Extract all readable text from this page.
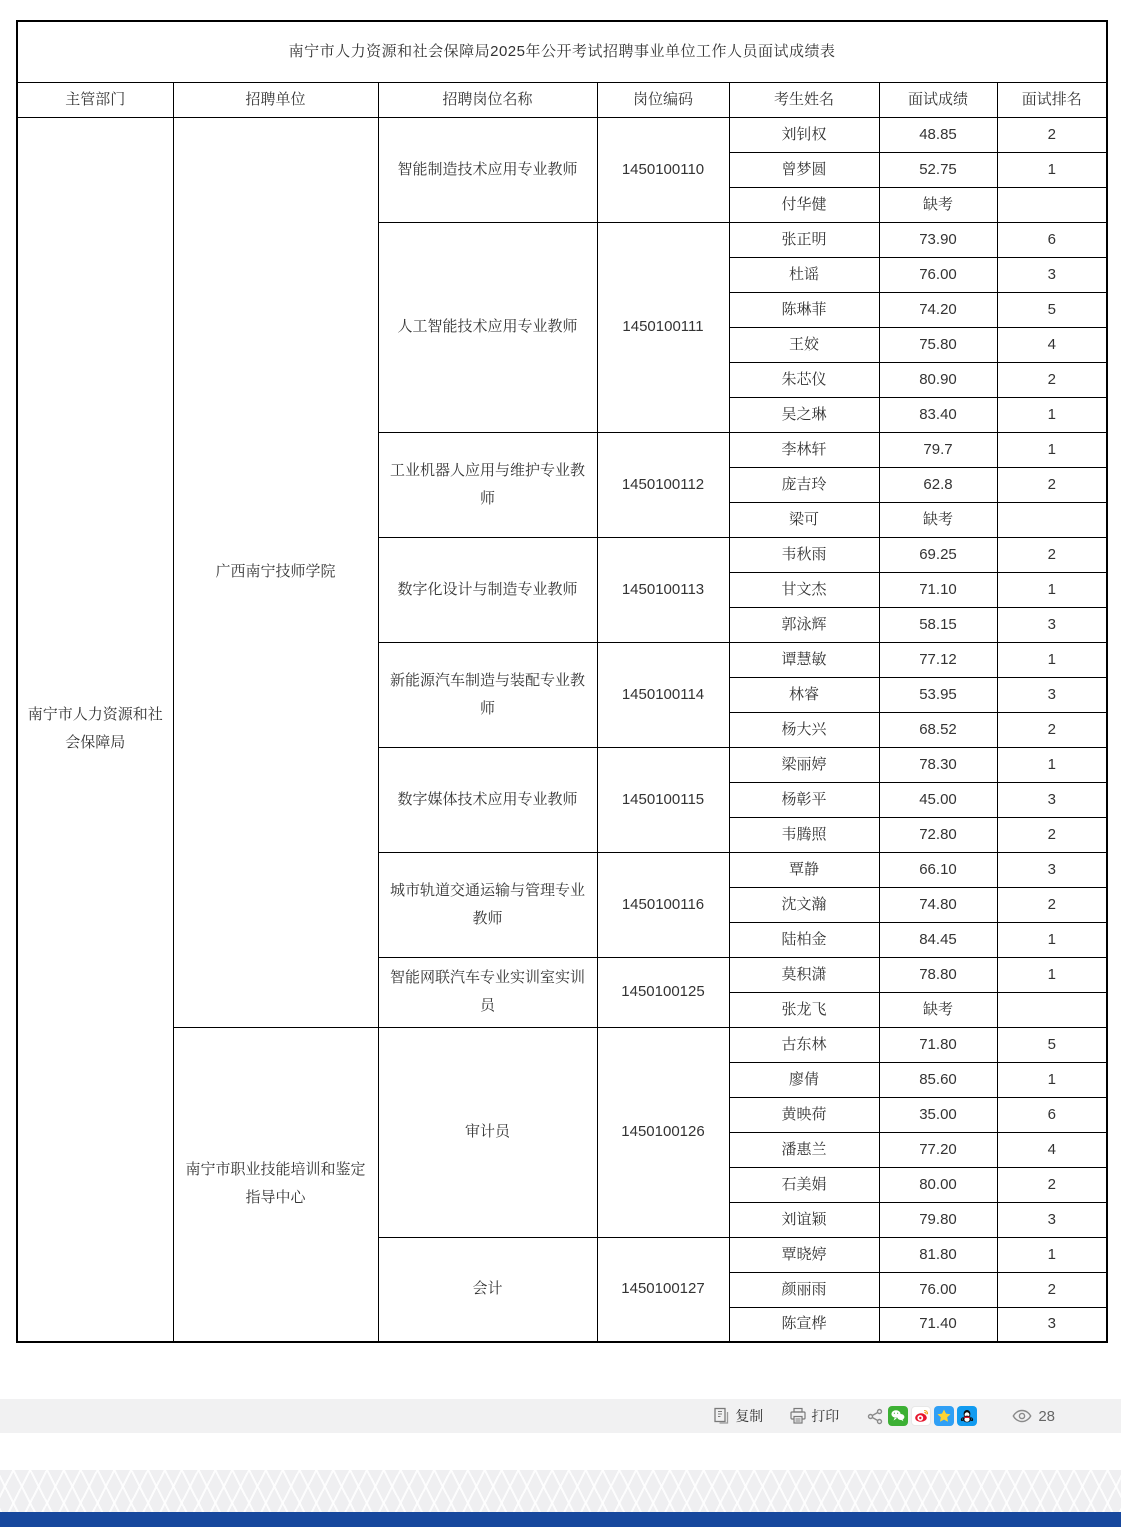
南宁市人力资源和社会保障局2025年公开考试招聘事业单位工作人员面试成绩表						
主管部门	招聘单位	招聘岗位名称	岗位编码	考生姓名	面试成绩	面试排名
南宁市人力资源和社会保障局	广西南宁技师学院	智能制造技术应用专业教师	1450100110	刘钊权	48.85	2
				曾梦圆	52.75	1
				付华健	缺考	
		人工智能技术应用专业教师	1450100111	张正明	73.90	6
				杜谣	76.00	3
				陈琳菲	74.20	5
				王姣	75.80	4
				朱芯仪	80.90	2
				吴之琳	83.40	1
		工业机器人应用与维护专业教师	1450100112	李林轩	79.7	1
				庞吉玲	62.8	2
				梁可	缺考	
		数字化设计与制造专业教师	1450100113	韦秋雨	69.25	2
				甘文杰	71.10	1
				郭泳辉	58.15	3
		新能源汽车制造与装配专业教师	1450100114	谭慧敏	77.12	1
				林睿	53.95	3
				杨大兴	68.52	2
		数字媒体技术应用专业教师	1450100115	梁丽婷	78.30	1
				杨彰平	45.00	3
				韦腾照	72.80	2
		城市轨道交通运输与管理专业教师	1450100116	覃静	66.10	3
				沈文瀚	74.80	2
				陆柏金	84.45	1
		智能网联汽车专业实训室实训员	1450100125	莫积潇	78.80	1
				张龙飞	缺考	
	南宁市职业技能培训和鉴定指导中心	审计员	1450100126	古东林	71.80	5
				廖倩	85.60	1
				黄映荷	35.00	6
				潘惠兰	77.20	4
				石美娟	80.00	2
				刘谊颖	79.80	3
		会计	1450100127	覃晓婷	81.80	1
				颜丽雨	76.00	2
				陈宣桦	71.40	3
复制	打印	28
